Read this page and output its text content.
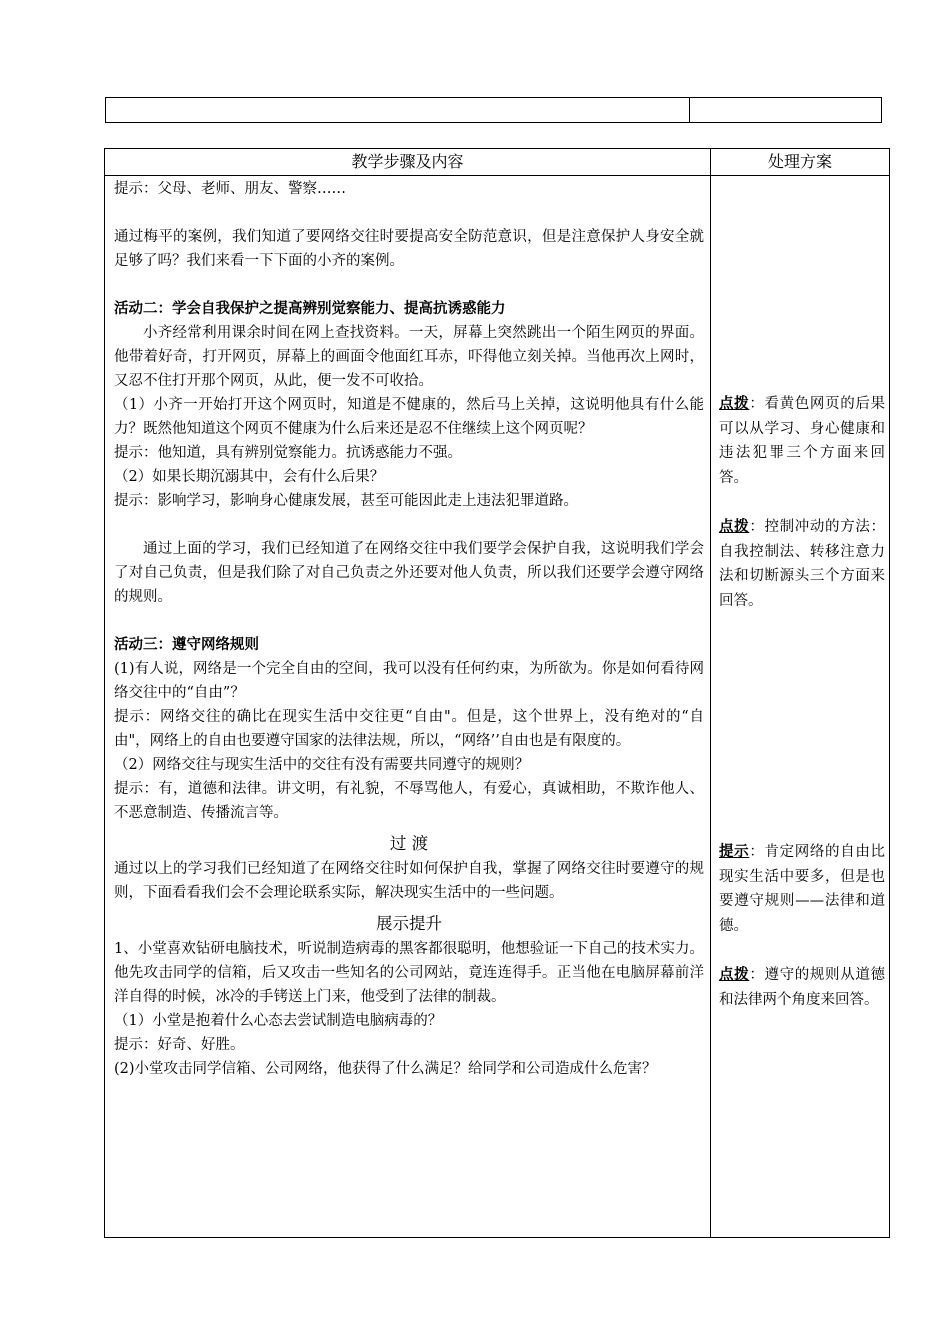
教学步骤及内容	处理方案

提示：父母、老师、朋友、警察……

通过梅平的案例，我们知道了要网络交往时要提高安全防范意识，但是注意保护人身安全就足够了吗？我们来看一下下面的小齐的案例。

活动二：学会自我保护之提高辨别觉察能力、提高抗诱惑能力

小齐经常利用课余时间在网上查找资料。一天，屏幕上突然跳出一个陌生网页的界面。他带着好奇，打开网页，屏幕上的画面令他面红耳赤，吓得他立刻关掉。当他再次上网时，又忍不住打开那个网页，从此，便一发不可收拾。

（1）小齐一开始打开这个网页时，知道是不健康的，然后马上关掉，这说明他具有什么能力？既然他知道这个网页不健康为什么后来还是忍不住继续上这个网页呢？

提示：他知道，具有辨别觉察能力。抗诱惑能力不强。

（2）如果长期沉溺其中，会有什么后果？

提示：影响学习，影响身心健康发展，甚至可能因此走上违法犯罪道路。

通过上面的学习，我们已经知道了在网络交往中我们要学会保护自我，这说明我们学会了对自己负责，但是我们除了对自己负责之外还要对他人负责，所以我们还要学会遵守网络的规则。

活动三：遵守网络规则

(1)有人说，网络是一个完全自由的空间，我可以没有任何约束，为所欲为。你是如何看待网络交往中的“自由”？

提示：网络交往的确比在现实生活中交往更“自由"。但是，这个世界上，没有绝对的“自由"，网络上的自由也要遵守国家的法律法规，所以，“网络’’自由也是有限度的。

（2）网络交往与现实生活中的交往有没有需要共同遵守的规则？

提示：有，道德和法律。讲文明，有礼貌，不辱骂他人，有爱心，真诚相助，不欺诈他人、不恶意制造、传播流言等。

过 渡

通过以上的学习我们已经知道了在网络交往时如何保护自我，掌握了网络交往时要遵守的规则，下面看看我们会不会理论联系实际，解决现实生活中的一些问题。

展示提升

1、小堂喜欢钻研电脑技术，听说制造病毒的黑客都很聪明，他想验证一下自己的技术实力。他先攻击同学的信箱，后又攻击一些知名的公司网站，竟连连得手。正当他在电脑屏幕前洋洋自得的时候，冰冷的手铐送上门来，他受到了法律的制裁。

（1）小堂是抱着什么心态去尝试制造电脑病毒的？

提示：好奇、好胜。

(2)小堂攻击同学信箱、公司网络，他获得了什么满足？给同学和公司造成什么危害？

点拨：看黄色网页的后果可以从学习、身心健康和违法犯罪三个方面来回答。

点拨：控制冲动的方法：自我控制法、转移注意力法和切断源头三个方面来回答。

提示：肯定网络的自由比现实生活中要多，但是也要遵守规则——法律和道德。

点拨：遵守的规则从道德和法律两个角度来回答。
